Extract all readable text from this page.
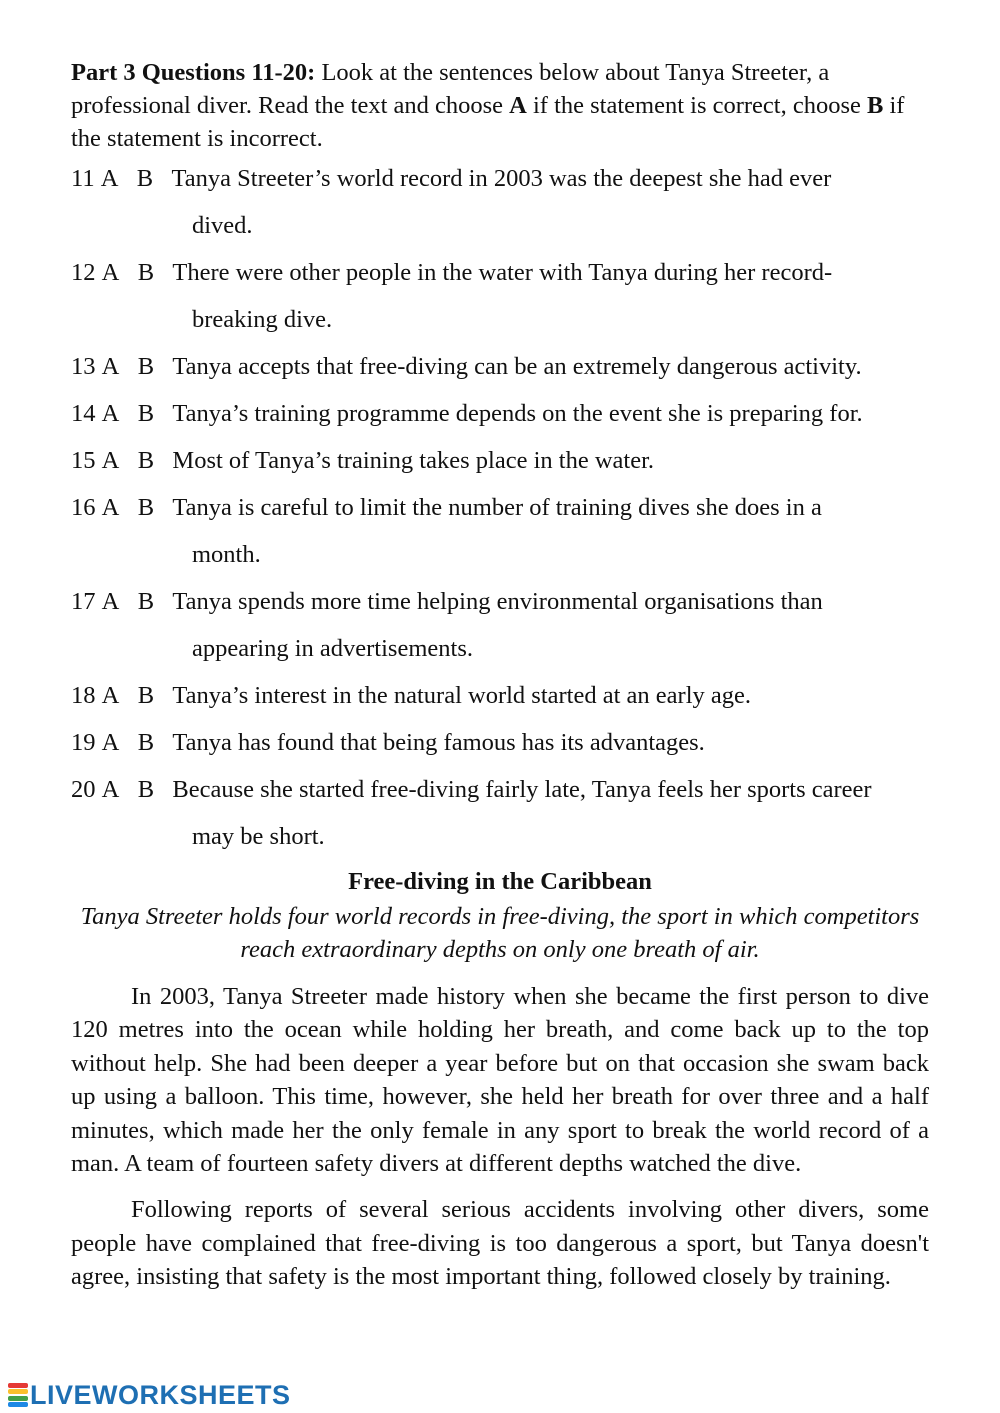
Part 3 Questions 11-20: Look at the sentences below about Tanya Streeter, a professional diver. Read the text and choose A if the statement is correct, choose B if the statement is incorrect.

11 A B Tanya Streeter’s world record in 2003 was the deepest she had ever
dived.
12 A B There were other people in the water with Tanya during her record-
breaking dive.
13 A B Tanya accepts that free-diving can be an extremely dangerous activity.
14 A B Tanya’s training programme depends on the event she is preparing for.
15 A B Most of Tanya’s training takes place in the water.
16 A B Tanya is careful to limit the number of training dives she does in a
month.
17 A B Tanya spends more time helping environmental organisations than
appearing in advertisements.
18 A B Tanya’s interest in the natural world started at an early age.
19 A B Tanya has found that being famous has its advantages.
20 A B Because she started free-diving fairly late, Tanya feels her sports career
may be short.
Free-diving in the Caribbean

Tanya Streeter holds four world records in free-diving, the sport in which competitors reach extraordinary depths on only one breath of air.

In 2003, Tanya Streeter made history when she became the first person to dive 120 metres into the ocean while holding her breath, and come back up to the top without help. She had been deeper a year before but on that occasion she swam back up using a balloon. This time, however, she held her breath for over three and a half minutes, which made her the only female in any sport to break the world record of a man. A team of fourteen safety divers at different depths watched the dive.

Following reports of several serious accidents involving other divers, some people have complained that free-diving is too dangerous a sport, but Tanya doesn't agree, insisting that safety is the most important thing, followed closely by training.

LIVEWORKSHEETS
